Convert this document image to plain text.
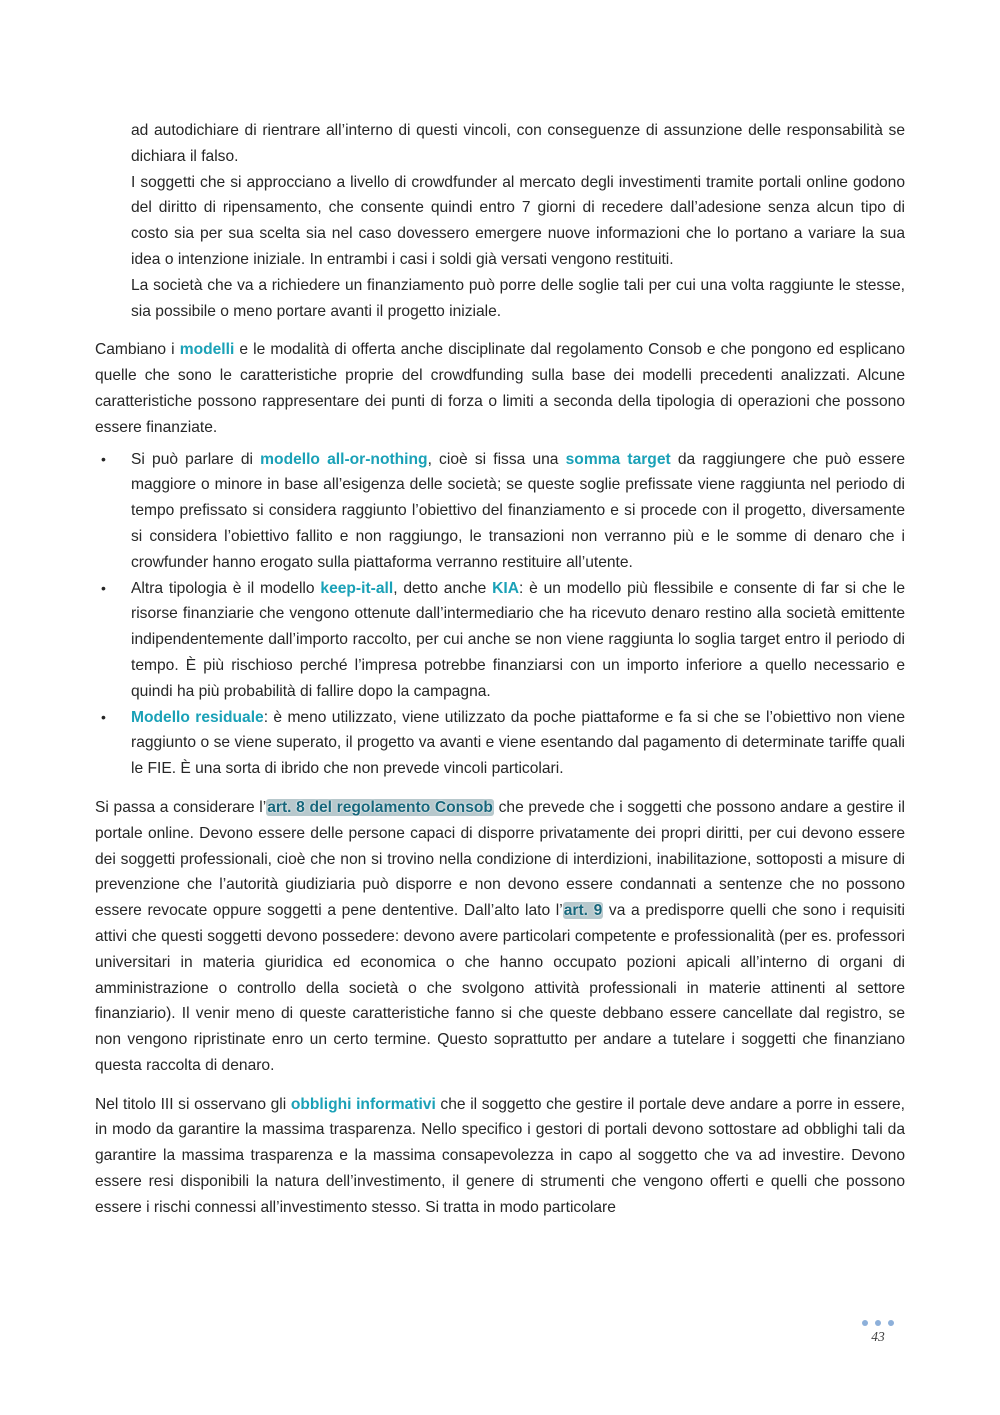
ad autodichiare di rientrare all’interno di questi vincoli, con conseguenze di assunzione delle responsabilità se dichiara il falso.

I soggetti che si approcciano a livello di crowdfunder al mercato degli investimenti tramite portali online godono del diritto di ripensamento, che consente quindi entro 7 giorni di recedere dall’adesione senza alcun tipo di costo sia per sua scelta sia nel caso dovessero emergere nuove informazioni che lo portano a variare la sua idea o intenzione iniziale. In entrambi i casi i soldi già versati vengono restituiti.

La società che va a richiedere un finanziamento può porre delle soglie tali per cui una volta raggiunte le stesse, sia possibile o meno portare avanti il progetto iniziale.

Cambiano i modelli e le modalità di offerta anche disciplinate dal regolamento Consob e che pongono ed esplicano quelle che sono le caratteristiche proprie del crowdfunding sulla base dei modelli precedenti analizzati. Alcune caratteristiche possono rappresentare dei punti di forza o limiti a seconda della tipologia di operazioni che possono essere finanziate.

• Si può parlare di modello all-or-nothing, cioè si fissa una somma target da raggiungere che può essere maggiore o minore in base all’esigenza delle società; se queste soglie prefissate viene raggiunta nel periodo di tempo prefissato si considera raggiunto l’obiettivo del finanziamento e si procede con il progetto, diversamente si considera l’obiettivo fallito e non raggiungo, le transazioni non verranno più e le somme di denaro che i crowfunder hanno erogato sulla piattaforma verranno restituire all’utente.
• Altra tipologia è il modello keep-it-all, detto anche KIA: è un modello più flessibile e consente di far si che le risorse finanziarie che vengono ottenute dall’intermediario che ha ricevuto denaro restino alla società emittente indipendentemente dall’importo raccolto, per cui anche se non viene raggiunta lo soglia target entro il periodo di tempo. È più rischioso perché l’impresa potrebbe finanziarsi con un importo inferiore a quello necessario e quindi ha più probabilità di fallire dopo la campagna.
• Modello residuale: è meno utilizzato, viene utilizzato da poche piattaforme e fa si che se l’obiettivo non viene raggiunto o se viene superato, il progetto va avanti e viene esentando dal pagamento di determinate tariffe quali le FIE. È una sorta di ibrido che non prevede vincoli particolari.

Si passa a considerare l’art. 8 del regolamento Consob che prevede che i soggetti che possono andare a gestire il portale online. Devono essere delle persone capaci di disporre privatamente dei propri diritti, per cui devono essere dei soggetti professionali, cioè che non si trovino nella condizione di interdizioni, inabilitazione, sottoposti a misure di prevenzione che l’autorità giudiziaria può disporre e non devono essere condannati a sentenze che no possono essere revocate oppure soggetti a pene dententive. Dall’alto lato l’art. 9 va a predisporre quelli che sono i requisiti attivi che questi soggetti devono possedere: devono avere particolari competente e professionalità (per es. professori universitari in materia giuridica ed economica o che hanno occupato pozioni apicali all’interno di organi di amministrazione o controllo della società o che svolgono attività professionali in materie attinenti al settore finanziario). Il venir meno di queste caratteristiche fanno si che queste debbano essere cancellate dal registro, se non vengono ripristinate enro un certo termine. Questo soprattutto per andare a tutelare i soggetti che finanziano questa raccolta di denaro.

Nel titolo III si osservano gli obblighi informativi che il soggetto che gestire il portale deve andare a porre in essere, in modo da garantire la massima trasparenza. Nello specifico i gestori di portali devono sottostare ad obblighi tali da garantire la massima trasparenza e la massima consapevolezza in capo al soggetto che va ad investire. Devono essere resi disponibili la natura dell’investimento, il genere di strumenti che vengono offerti e quelli che possono essere i rischi connessi all’investimento stesso. Si tratta in modo particolare

43
